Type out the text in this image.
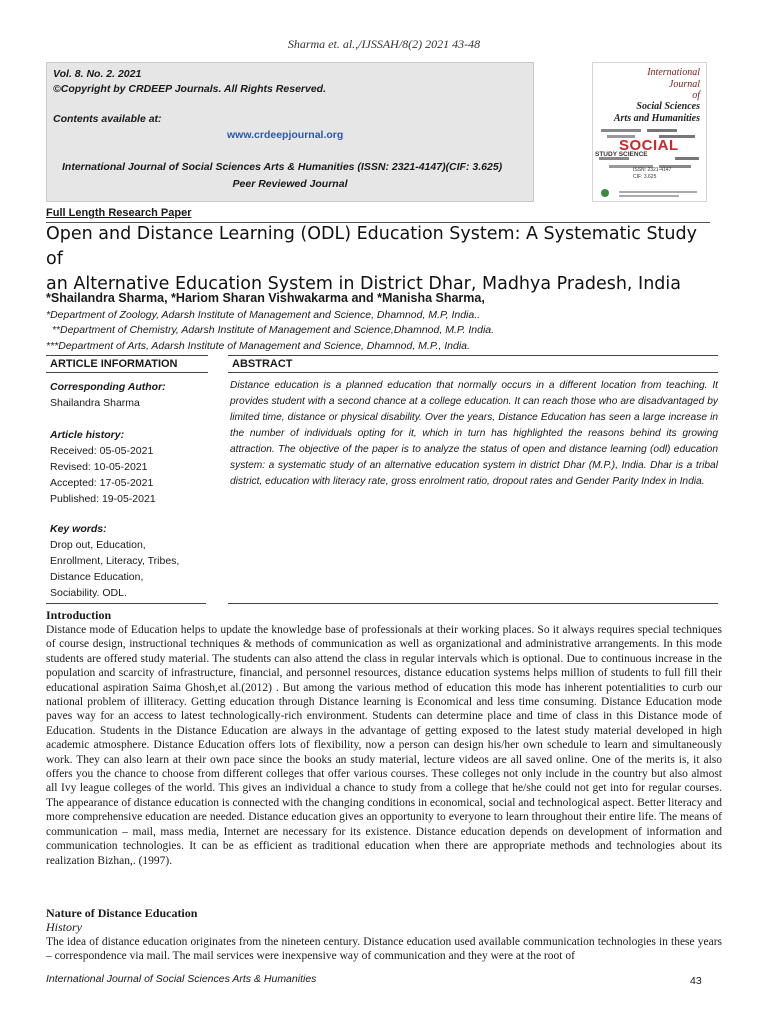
Sharma et. al.,/IJSSAH/8(2) 2021 43-48
Vol. 8. No. 2. 2021
©Copyright by CRDEEP Journals. All Rights Reserved.
Contents available at:
www.crdeepjournal.org
International Journal of Social Sciences Arts & Humanities (ISSN: 2321-4147)(CIF: 3.625)
Peer Reviewed Journal
International
Journal
of
Social Sciences
Arts and Humanities
SOCIAL
STUDY SCIENCE
ISSN: 2321-4147
CIF: 3.625
Full Length Research Paper
Open and Distance Learning (ODL) Education System: A Systematic Study of
an Alternative Education System in District Dhar, Madhya Pradesh, India
*Shailandra Sharma, *Hariom Sharan Vishwakarma and *Manisha Sharma,
*Department of Zoology, Adarsh Institute of Management and Science, Dhamnod, M.P, India..
**Department of Chemistry, Adarsh Institute of Management and Science,Dhamnod, M.P. India.
***Department of Arts, Adarsh Institute of Management and Science, Dhamnod, M.P., India.
ARTICLE INFORMATION	ABSTRACT
Corresponding Author:
Shailandra Sharma
Article history:
Received: 05-05-2021
Revised: 10-05-2021
Accepted: 17-05-2021
Published: 19-05-2021
Key words:
Drop out, Education,
Enrollment, Literacy, Tribes,
Distance Education,
Sociability. ODL.
Distance education is a planned education that normally occurs in a different location from teaching. It provides student with a second chance at a college education. It can reach those who are disadvantaged by limited time, distance or physical disability. Over the years, Distance Education has seen a large increase in the number of individuals opting for it, which in turn has highlighted the reasons behind its growing attraction. The objective of the paper is to analyze the status of open and distance learning (odl) education system: a systematic study of an alternative education system in district Dhar (M.P.), India. Dhar is a tribal district, education with literacy rate, gross enrolment ratio, dropout rates and Gender Parity Index in India.
Introduction
Distance mode of Education helps to update the knowledge base of professionals at their working places. So it always requires special techniques of course design, instructional techniques & methods of communication as well as organizational and administrative arrangements. In this mode students are offered study material. The students can also attend the class in regular intervals which is optional. Due to continuous increase in the population and scarcity of infrastructure, financial, and personnel resources, distance education systems helps million of students to full fill their educational aspiration Saima Ghosh,et al.(2012) . But among the various method of education this mode has inherent potentialities to curb our national problem of illiteracy. Getting education through Distance learning is Economical and less time consuming. Distance Education mode paves way for an access to latest technologically-rich environment. Students can determine place and time of class in this Distance mode of Education. Students in the Distance Education are always in the advantage of getting exposed to the latest study material developed in high academic atmosphere. Distance Education offers lots of flexibility, now a person can design his/her own schedule to learn and simultaneously work. They can also learn at their own pace since the books an study material, lecture videos are all saved online. One of the merits is, it also offers you the chance to choose from different colleges that offer various courses. These colleges not only include in the country but also almost all Ivy league colleges of the world. This gives an individual a chance to study from a college that he/she could not get into for regular courses. The appearance of distance education is connected with the changing conditions in economical, social and technological aspect. Better literacy and more comprehensive education are needed. Distance education gives an opportunity to everyone to learn throughout their entire life. The means of communication – mail, mass media, Internet are necessary for its existence. Distance education depends on development of information and communication technologies. It can be as efficient as traditional education when there are appropriate methods and technologies about its realization Bizhan,. (1997).
Nature of Distance Education
History
The idea of distance education originates from the nineteen century. Distance education used available communication technologies in these years – correspondence via mail. The mail services were inexpensive way of communication and they were at the root of
International Journal of Social Sciences Arts & Humanities	43
